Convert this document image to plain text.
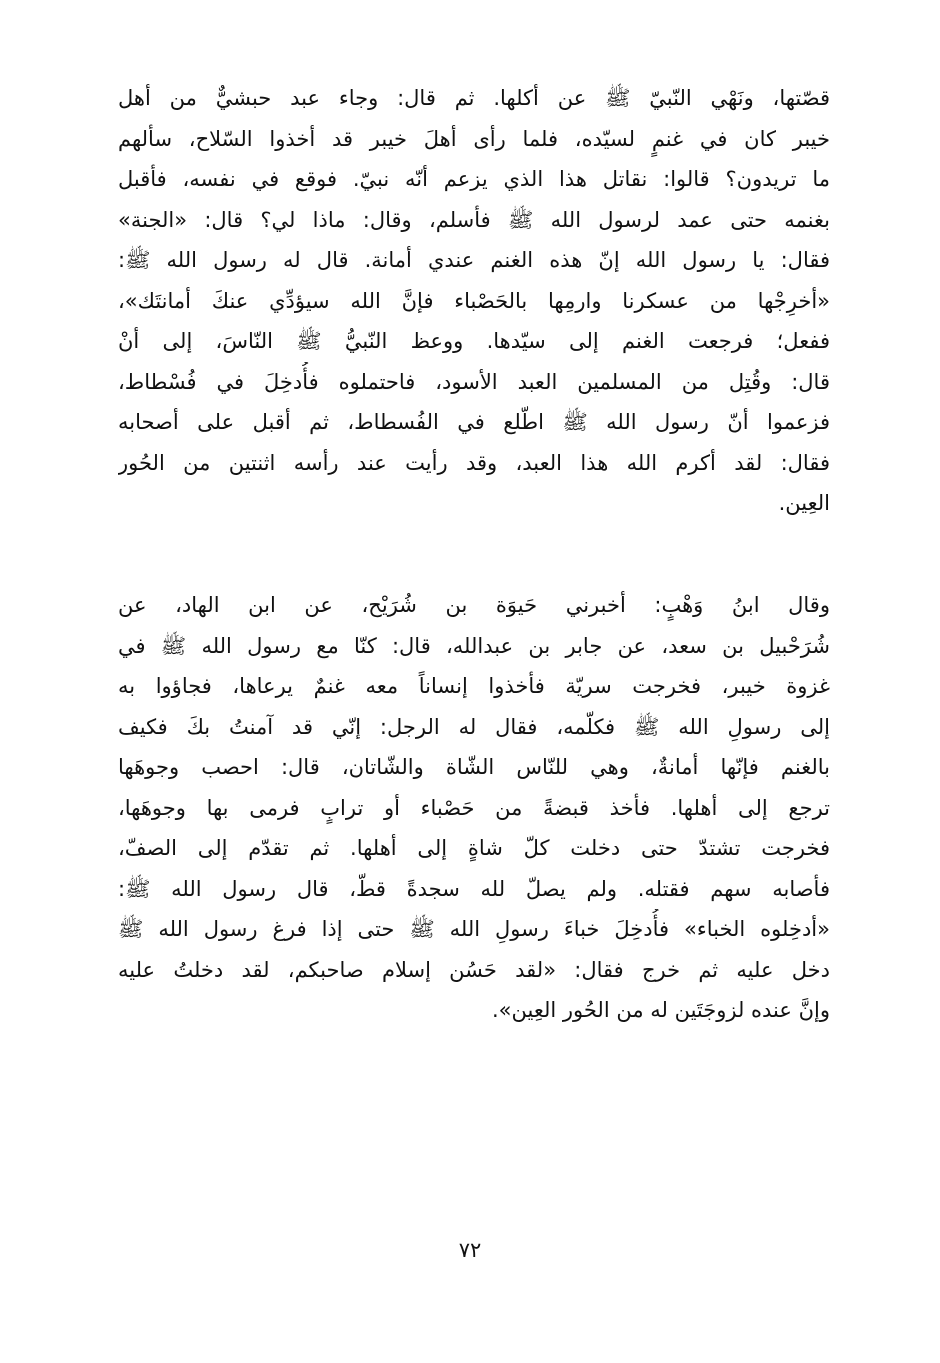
قصّتها، ونَهْي النّبيّ ﷺ عن أكلها. ثم قال: وجاء عبد حبشيٌّ من أهل
خيبر كان في غنمٍ لسيّده، فلما رأى أهلَ خيبر قد أخذوا السّلاح، سألهم
ما تريدون؟ قالوا: نقاتل هذا الذي يزعم أنّه نبيّ. فوقع في نفسه، فأقبل
بغنمه حتى عمد لرسول الله ﷺ فأسلم، وقال: ماذا لي؟ قال: «الجنة»
فقال: يا رسول الله إنّ هذه الغنم عندي أمانة. قال له رسول الله ﷺ:
«أخرِجْها من عسكرنا وارمِها بالحَصْباء فإنَّ الله سيؤدِّي عنكَ أمانتَك»،
ففعل؛ فرجعت الغنم إلى سيّدها. ووعظ النّبيُّ ﷺ النّاسَ، إلى أنْ
قال: وقُتِل من المسلمين العبد الأسود، فاحتملوه فأُدخِلَ في فُسْطاط،
فزعموا أنّ رسول الله ﷺ اطّلع في الفُسطاط، ثم أقبل على أصحابه
فقال: لقد أكرم الله هذا العبد، وقد رأيت عند رأسه اثنتين من الحُور
العِين.
وقال ابنُ وَهْبٍ: أخبرني حَيوَة بن شُرَيْح، عن ابن الهاد، عن
شُرَحْبيل بن سعد، عن جابر بن عبدالله، قال: كنّا مع رسول الله ﷺ في
غزوة خيبر، فخرجت سريّة فأخذوا إنساناً معه غنمٌ يرعاها، فجاؤوا به
إلى رسولِ الله ﷺ فكلّمه، فقال له الرجل: إنّي قد آمنتُ بكَ فكيف
بالغنم فإنّها أمانةٌ، وهي للنّاس الشّاة والشّاتان، قال: احصب وجوهَها
ترجع إلى أهلها. فأخذ قبضةً من حَصْباء أو ترابٍ فرمى بها وجوهَها،
فخرجت تشتدّ حتى دخلت كلّ شاةٍ إلى أهلها. ثم تقدّم إلى الصفّ،
فأصابه سهم فقتله. ولم يصلّ لله سجدةً قطّ، قال رسول الله ﷺ:
«أدخِلوه الخباء» فأُدخِلَ خباءَ رسولِ الله ﷺ حتى إذا فرغ رسول الله ﷺ
دخل عليه ثم خرج فقال: «لقد حَسُن إسلام صاحبكم، لقد دخلتُ عليه
وإنَّ عنده لزوجَتَين له من الحُور العِين».
٧٢
